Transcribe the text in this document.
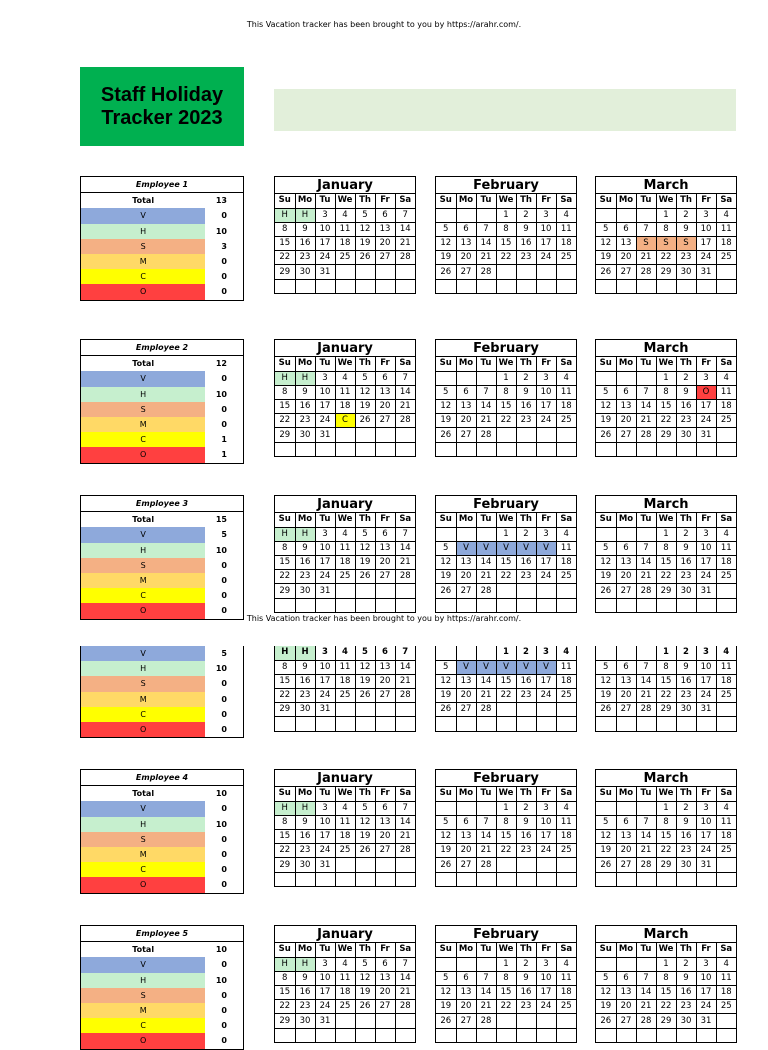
This Vacation tracker has been brought to you by https://arahr.com/.
Staff Holiday
Tracker 2023
Employee 1
Total	13
V	0
H	10
S	3
M	0
C	0
O	0
January
Su	Mo	Tu	We	Th	Fr	Sa
H	H	3	4	5	6	7
8	9	10	11	12	13	14
15	16	17	18	19	20	21
22	23	24	25	26	27	28
29	30	31				

February
Su	Mo	Tu	We	Th	Fr	Sa
			1	2	3	4
5	6	7	8	9	10	11
12	13	14	15	16	17	18
19	20	21	22	23	24	25
26	27	28				

March
Su	Mo	Tu	We	Th	Fr	Sa
			1	2	3	4
5	6	7	8	9	10	11
12	13	S	S	S	17	18
19	20	21	22	23	24	25
26	27	28	29	30	31	

Employee 2
Total	12
V	0
H	10
S	0
M	0
C	1
O	1
January
Su	Mo	Tu	We	Th	Fr	Sa
H	H	3	4	5	6	7
8	9	10	11	12	13	14
15	16	17	18	19	20	21
22	23	24	C	26	27	28
29	30	31				

February
Su	Mo	Tu	We	Th	Fr	Sa
			1	2	3	4
5	6	7	8	9	10	11
12	13	14	15	16	17	18
19	20	21	22	23	24	25
26	27	28				

March
Su	Mo	Tu	We	Th	Fr	Sa
			1	2	3	4
5	6	7	8	9	O	11
12	13	14	15	16	17	18
19	20	21	22	23	24	25
26	27	28	29	30	31	

Employee 3
Total	15
V	5
H	10
S	0
M	0
C	0
O	0
January
Su	Mo	Tu	We	Th	Fr	Sa
H	H	3	4	5	6	7
8	9	10	11	12	13	14
15	16	17	18	19	20	21
22	23	24	25	26	27	28
29	30	31				

February
Su	Mo	Tu	We	Th	Fr	Sa
			1	2	3	4
5	V	V	V	V	V	11
12	13	14	15	16	17	18
19	20	21	22	23	24	25
26	27	28				

March
Su	Mo	Tu	We	Th	Fr	Sa
			1	2	3	4
5	6	7	8	9	10	11
12	13	14	15	16	17	18
19	20	21	22	23	24	25
26	27	28	29	30	31	

This Vacation tracker has been brought to you by https://arahr.com/.
V	5
H	10
S	0
M	0
C	0
O	0
H	H	3	4	5	6	7
8	9	10	11	12	13	14
15	16	17	18	19	20	21
22	23	24	25	26	27	28
29	30	31				

			1	2	3	4
5	V	V	V	V	V	11
12	13	14	15	16	17	18
19	20	21	22	23	24	25
26	27	28				

			1	2	3	4
5	6	7	8	9	10	11
12	13	14	15	16	17	18
19	20	21	22	23	24	25
26	27	28	29	30	31	

Employee 4
Total	10
V	0
H	10
S	0
M	0
C	0
O	0
January
Su	Mo	Tu	We	Th	Fr	Sa
H	H	3	4	5	6	7
8	9	10	11	12	13	14
15	16	17	18	19	20	21
22	23	24	25	26	27	28
29	30	31				

February
Su	Mo	Tu	We	Th	Fr	Sa
			1	2	3	4
5	6	7	8	9	10	11
12	13	14	15	16	17	18
19	20	21	22	23	24	25
26	27	28				

March
Su	Mo	Tu	We	Th	Fr	Sa
			1	2	3	4
5	6	7	8	9	10	11
12	13	14	15	16	17	18
19	20	21	22	23	24	25
26	27	28	29	30	31	

Employee 5
Total	10
V	0
H	10
S	0
M	0
C	0
O	0
January
Su	Mo	Tu	We	Th	Fr	Sa
H	H	3	4	5	6	7
8	9	10	11	12	13	14
15	16	17	18	19	20	21
22	23	24	25	26	27	28
29	30	31				

February
Su	Mo	Tu	We	Th	Fr	Sa
			1	2	3	4
5	6	7	8	9	10	11
12	13	14	15	16	17	18
19	20	21	22	23	24	25
26	27	28				

March
Su	Mo	Tu	We	Th	Fr	Sa
			1	2	3	4
5	6	7	8	9	10	11
12	13	14	15	16	17	18
19	20	21	22	23	24	25
26	27	28	29	30	31	
